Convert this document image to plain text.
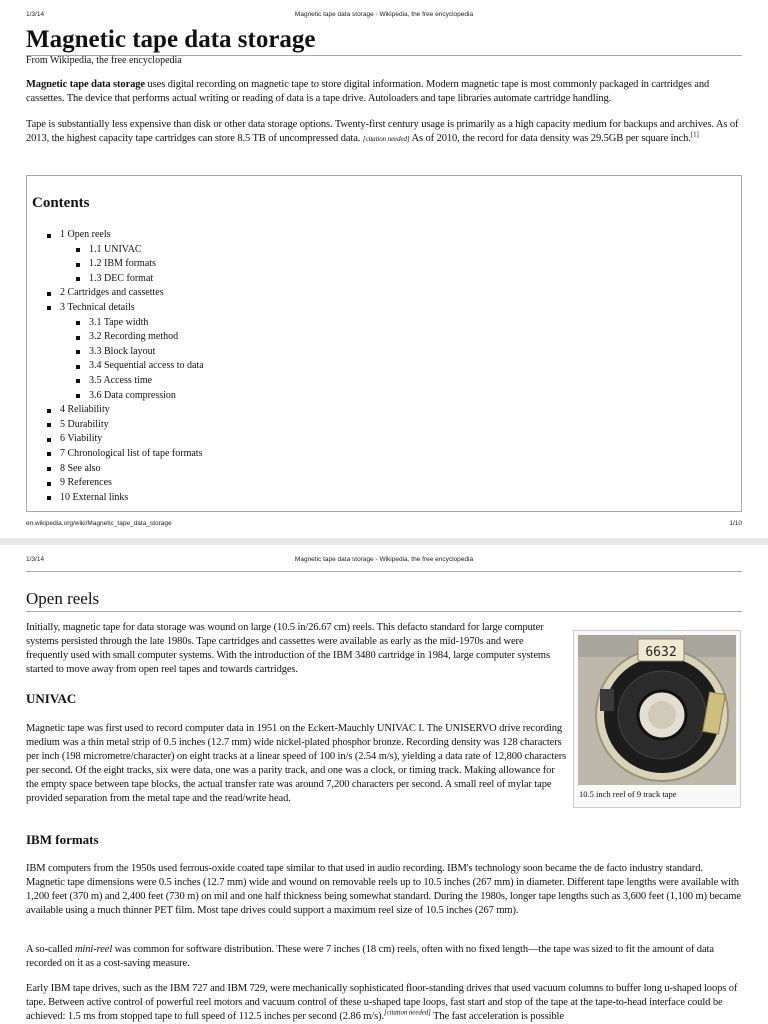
1/3/14	Magnetic tape data storage - Wikipedia, the free encyclopedia
Magnetic tape data storage
From Wikipedia, the free encyclopedia

Magnetic tape data storage uses digital recording on magnetic tape to store digital information. Modern magnetic tape is most commonly packaged in cartridges and cassettes. The device that performs actual writing or reading of data is a tape drive. Autoloaders and tape libraries automate cartridge handling.

Tape is substantially less expensive than disk or other data storage options. Twenty-first century usage is primarily as a high capacity medium for backups and archives. As of 2013, the highest capacity tape cartridges can store 8.5 TB of uncompressed data. [citation needed] As of 2010, the record for data density was 29.5GB per square inch.[1]

Contents
1 Open reels
1.1 UNIVAC
1.2 IBM formats
1.3 DEC format
2 Cartridges and cassettes
3 Technical details
3.1 Tape width
3.2 Recording method
3.3 Block layout
3.4 Sequential access to data
3.5 Access time
3.6 Data compression
4 Reliability
5 Durability
6 Viability
7 Chronological list of tape formats
8 See also
9 References
10 External links
en.wikipedia.org/wiki/Magnetic_tape_data_storage	1/10
1/3/14	Magnetic tape data storage - Wikipedia, the free encyclopedia
Open reels

Initially, magnetic tape for data storage was wound on large (10.5 in/26.67 cm) reels. This defacto standard for large computer systems persisted through the late 1980s. Tape cartridges and cassettes were available as early as the mid-1970s and were frequently used with small computer systems. With the introduction of the IBM 3480 cartridge in 1984, large computer systems started to move away from open reel tapes and towards cartridges.

UNIVAC

Magnetic tape was first used to record computer data in 1951 on the Eckert-Mauchly UNIVAC I. The UNISERVO drive recording medium was a thin metal strip of 0.5 inches (12.7 mm) wide nickel-plated phosphor bronze. Recording density was 128 characters per inch (198 micrometre/character) on eight tracks at a linear speed of 100 in/s (2.54 m/s), yielding a data rate of 12,800 characters per second. Of the eight tracks, six were data, one was a parity track, and one was a clock, or timing track. Making allowance for the empty space between tape blocks, the actual transfer rate was around 7,200 characters per second. A small reel of mylar tape provided separation from the metal tape and the read/write head.

6632
10.5 inch reel of 9 track tape
IBM formats

IBM computers from the 1950s used ferrous-oxide coated tape similar to that used in audio recording. IBM's technology soon became the de facto industry standard. Magnetic tape dimensions were 0.5 inches (12.7 mm) wide and wound on removable reels up to 10.5 inches (267 mm) in diameter. Different tape lengths were available with 1,200 feet (370 m) and 2,400 feet (730 m) on mil and one half thickness being somewhat standard. During the 1980s, longer tape lengths such as 3,600 feet (1,100 m) became available using a much thinner PET film. Most tape drives could support a maximum reel size of 10.5 inches (267 mm).

A so-called mini-reel was common for software distribution. These were 7 inches (18 cm) reels, often with no fixed length—the tape was sized to fit the amount of data recorded on it as a cost-saving measure.

Early IBM tape drives, such as the IBM 727 and IBM 729, were mechanically sophisticated floor-standing drives that used vacuum columns to buffer long u-shaped loops of tape. Between active control of powerful reel motors and vacuum control of these u-shaped tape loops, fast start and stop of the tape at the tape-to-head interface could be achieved: 1.5 ms from stopped tape to full speed of 112.5 inches per second (2.86 m/s).[citation needed] The fast acceleration is possible
